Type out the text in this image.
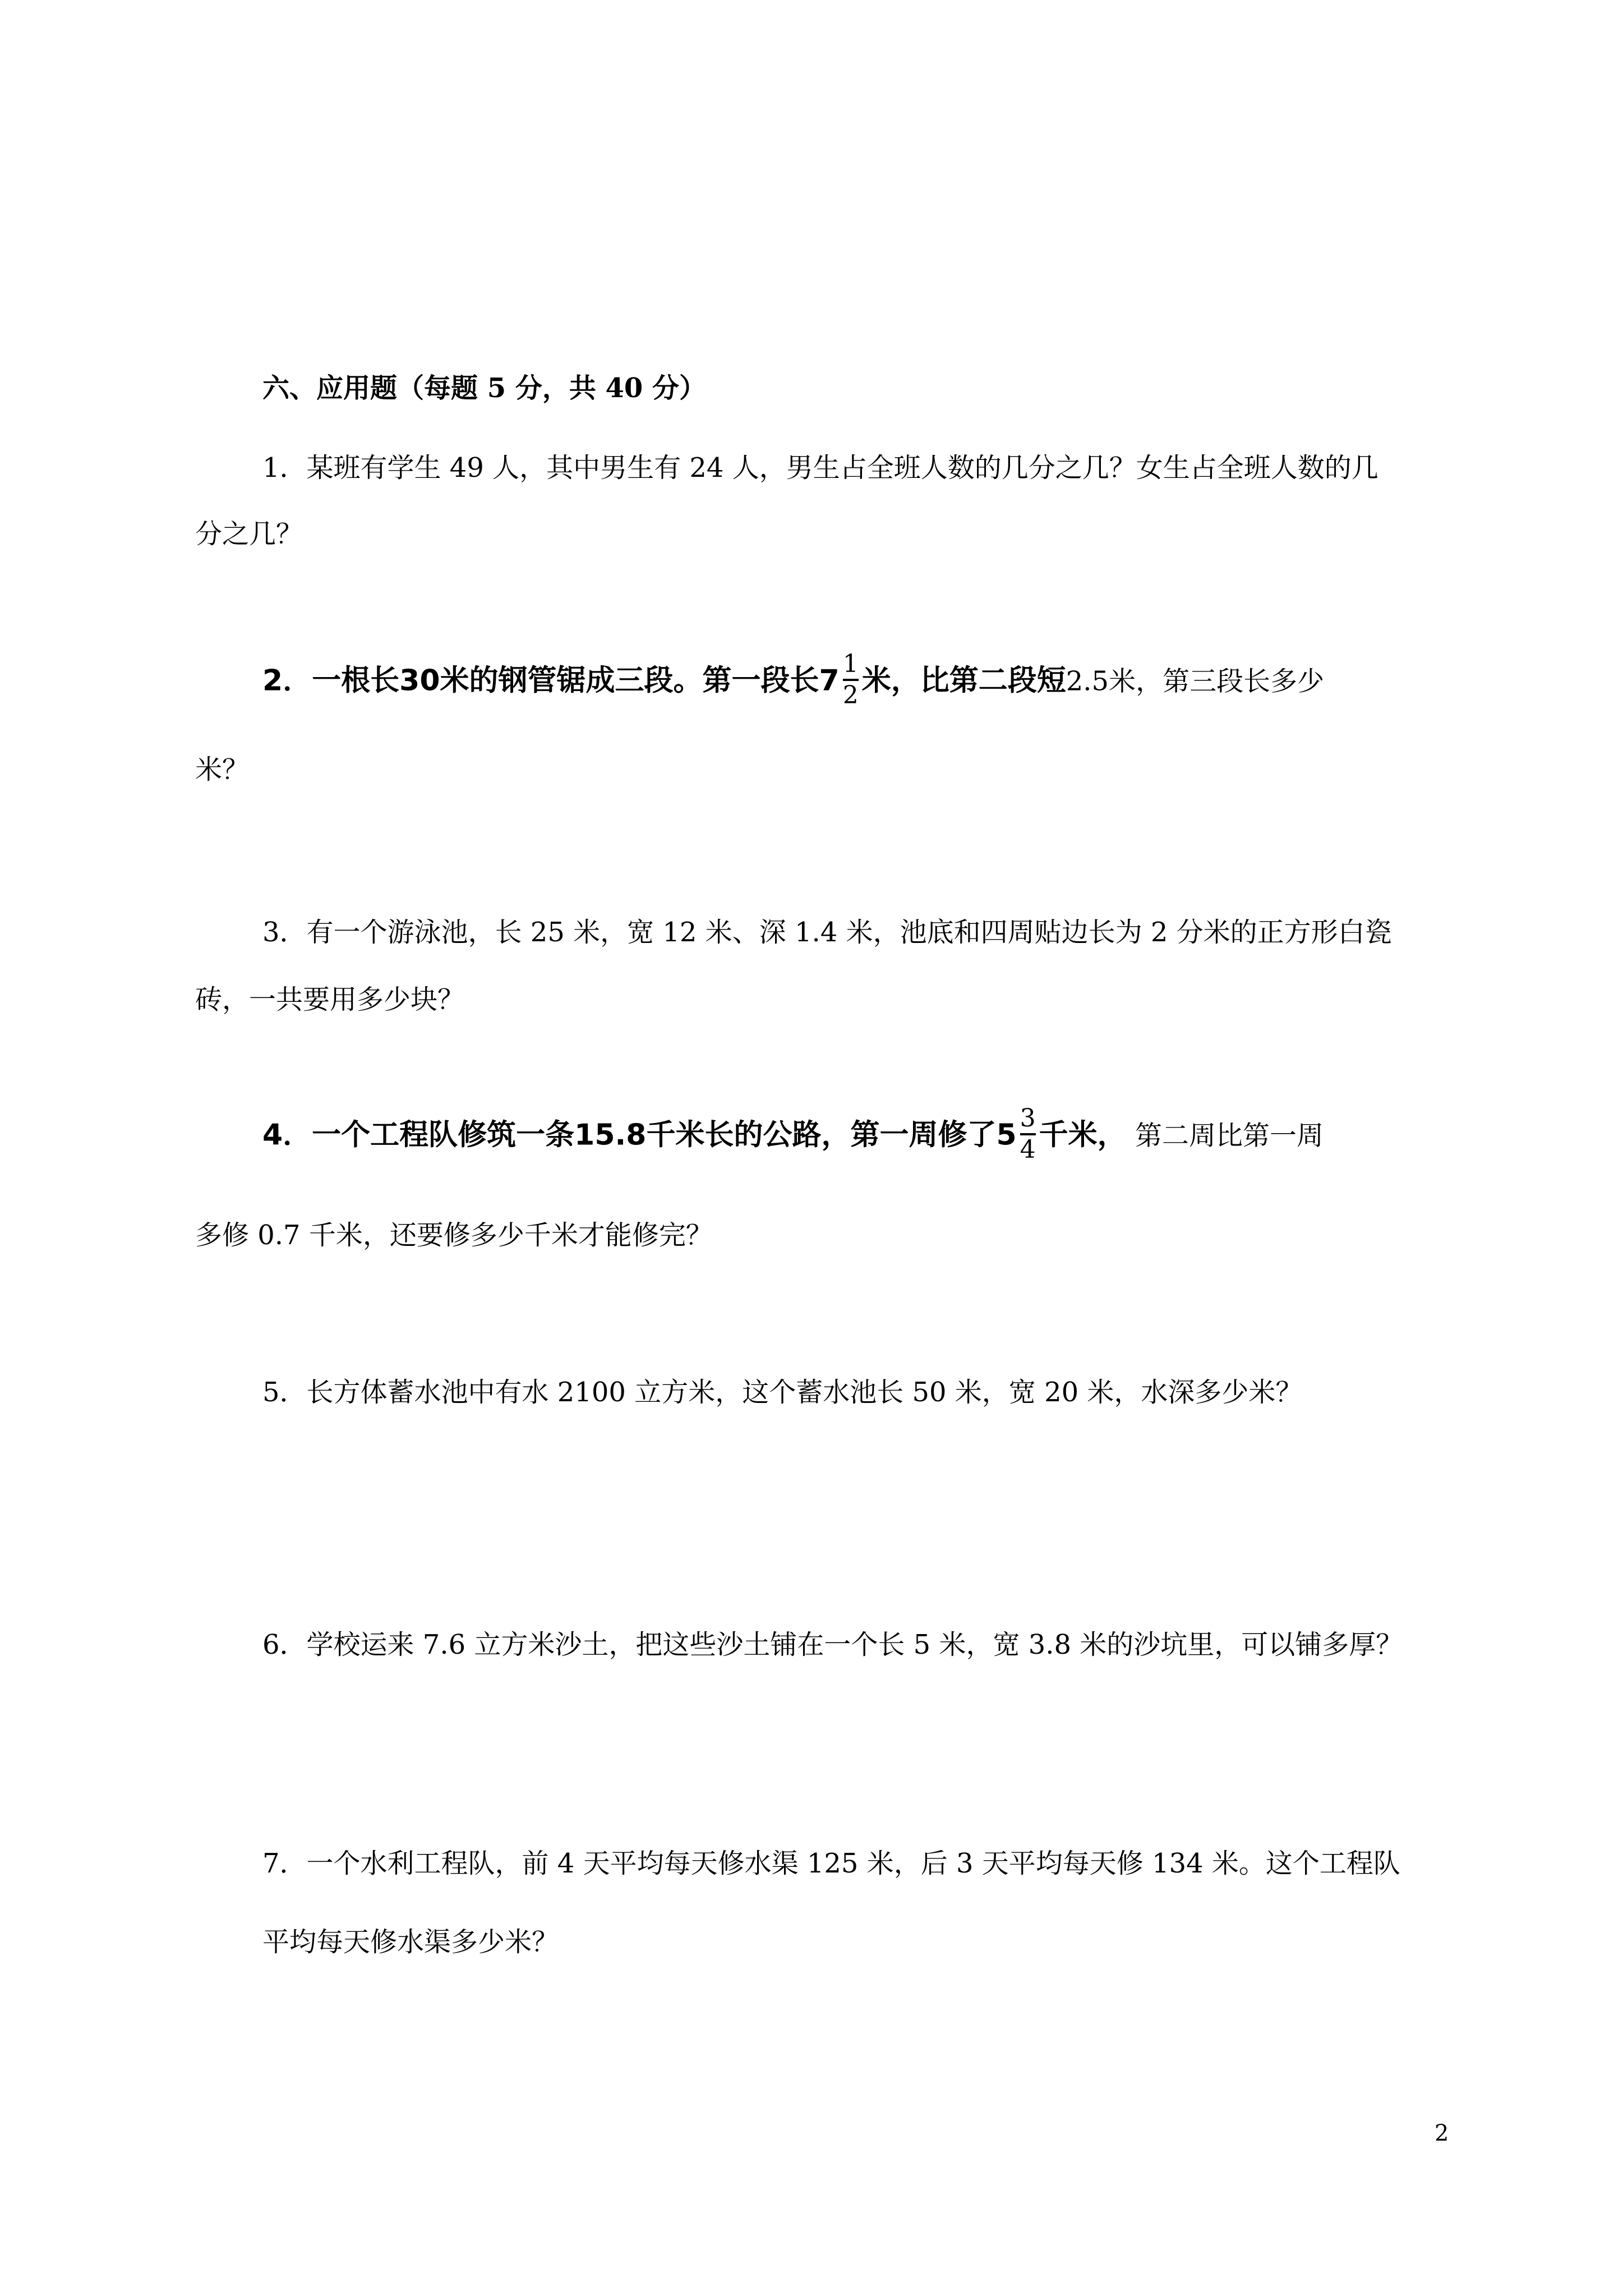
六、应用题（每题 5 分，共 40 分）
1．某班有学生 49 人，其中男生有 24 人，男生占全班人数的几分之几？女生占全班人数的几
分之几？
2．一根长30米的钢管锯成三段。第一段长$7 \frac{1}{2}$ 米，比第二段短2.5米，第三段长多少
米？
3．有一个游泳池，长 25 米，宽 12 米、深 1.4 米，池底和四周贴边长为 2 分米的正方形白瓷
砖，一共要用多少块？
4．一个工程队修筑一条15.8千米长的公路，第一周修了$5 \frac{3}{4}$ 千米， 第二周比第一周
多修 0.7 千米，还要修多少千米才能修完？
5．长方体蓄水池中有水 2100 立方米，这个蓄水池长 50 米，宽 20 米，水深多少米？
6．学校运来 7.6 立方米沙土，把这些沙土铺在一个长 5 米，宽 3.8 米的沙坑里，可以铺多厚？
7．一个水利工程队，前 4 天平均每天修水渠 125 米，后 3 天平均每天修 134 米。这个工程队
平均每天修水渠多少米？
2
